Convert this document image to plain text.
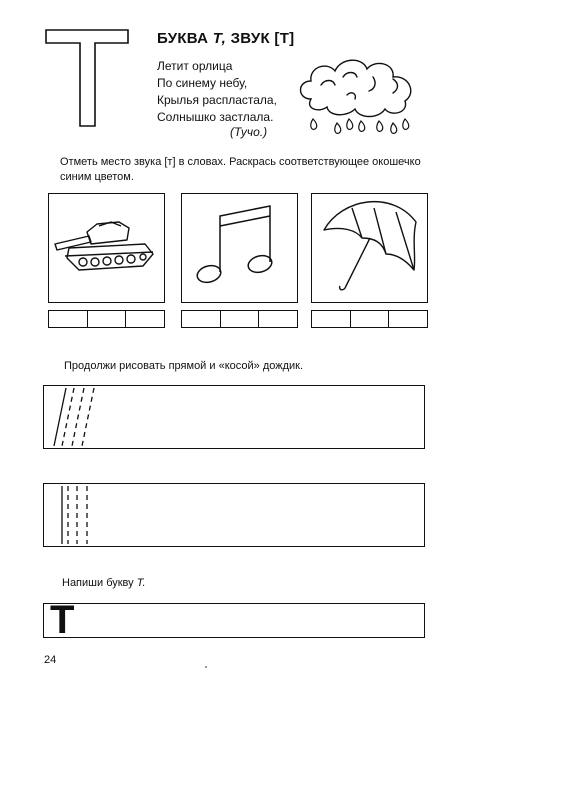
БУКВА Т, ЗВУК [Т]
Летит орлица
По синему небу,
Крылья распластала,
Солнышко застлала.
(Тучо.)
Отметь место звука [т] в словах. Раскрась соответствующее окошечко
синим цветом.
Продолжи рисовать прямой и «косой» дождик.
Напиши букву Т.
Т
24
